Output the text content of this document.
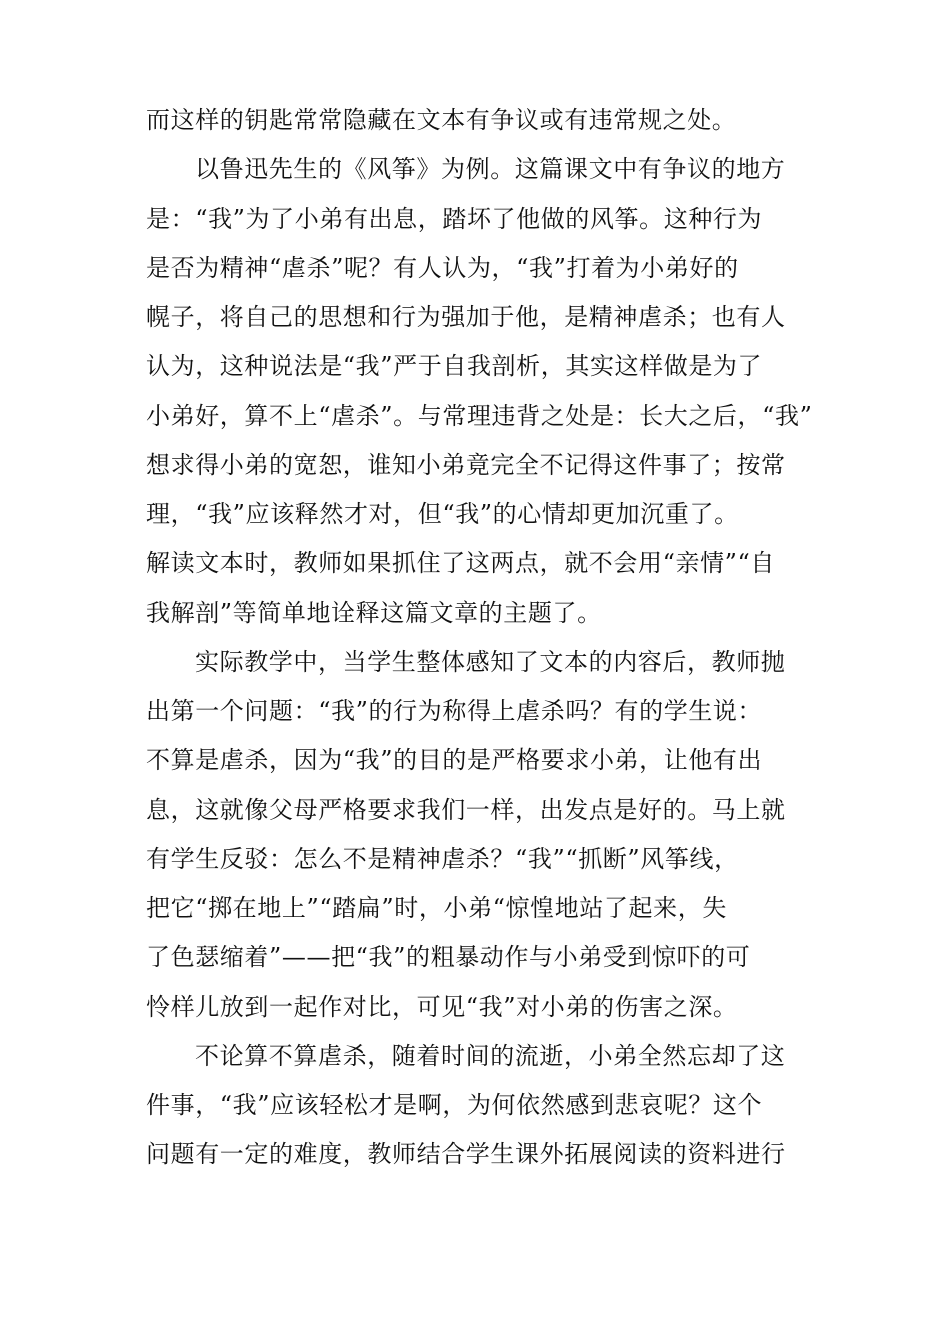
而这样的钥匙常常隐藏在文本有争议或有违常规之处。
以鲁迅先生的《风筝》为例。这篇课文中有争议的地方
是：“我”为了小弟有出息，踏坏了他做的风筝。这种行为
是否为精神“虐杀”呢？有人认为，“我”打着为小弟好的
幌子，将自己的思想和行为强加于他，是精神虐杀；也有人
认为，这种说法是“我”严于自我剖析，其实这样做是为了
小弟好，算不上“虐杀”。与常理违背之处是：长大之后，“我”
想求得小弟的宽恕，谁知小弟竟完全不记得这件事了；按常
理，“我”应该释然才对，但“我”的心情却更加沉重了。
解读文本时，教师如果抓住了这两点，就不会用“亲情”“自
我解剖”等简单地诠释这篇文章的主题了。
实际教学中，当学生整体感知了文本的内容后，教师抛
出第一个问题：“我”的行为称得上虐杀吗？有的学生说：
不算是虐杀，因为“我”的目的是严格要求小弟，让他有出
息，这就像父母严格要求我们一样，出发点是好的。马上就
有学生反驳：怎么不是精神虐杀？“我”“抓断”风筝线，
把它“掷在地上”“踏扁”时，小弟“惊惶地站了起来，失
了色瑟缩着”——把“我”的粗暴动作与小弟受到惊吓的可
怜样儿放到一起作对比，可见“我”对小弟的伤害之深。
不论算不算虐杀，随着时间的流逝，小弟全然忘却了这
件事，“我”应该轻松才是啊，为何依然感到悲哀呢？这个
问题有一定的难度，教师结合学生课外拓展阅读的资料进行
